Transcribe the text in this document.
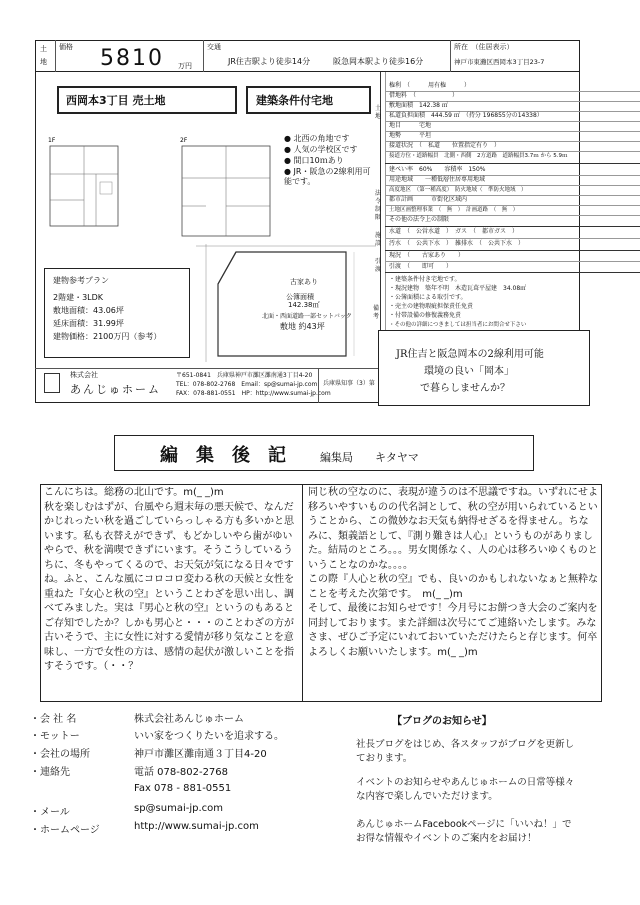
土
地
価格 5810 万円
交通
JR住吉駅より徒歩14分	阪急岡本駅より徒歩16分
所在　（住居表示）
神戸市東灘区西岡本3丁目23-7
西岡本3丁目 売土地	建築条件付宅地
1F	2F	● 北西の角地です
● 人気の学校区です
● 間口10ｍあり
● JR・阪急の2線利用可能です。
古家あり
公簿面積
142.38㎡
北面・西面道路一部セットバック
敷地 約43坪
建物参考プラン
2階建・3LDK
敷地面積：43.06坪
延床面積：31.99坪
建物価格：2100万円（参考）
株式会社
あんじゅホーム
〒651-0841　兵庫県神戸市灘区灘南通3丁目4-20
TEL：078-802-2768　Email：sp@sumai-jp.com
FAX：078-881-0551　HP：http://www.sumai-jp.com
兵庫県知事（3）第
土地
法令制限
施設
引渡
権利　（　　　用有権　　　）
借地料　（　　　　　　）
敷地面積　142.38 ㎡
私道負担面積　444.59 ㎡　（持分 196855分の14338）
地目　　　宅地
地勢　　　平坦
接道状況　（　私道　　位置指定有り　）
接道方位・道路幅員　北側・西側　2方道路　道路幅員3.7ｍ から 5.9ｍ
建ぺい率　60%　　容積率　150%
用途地域　　一種低層住居専用地域
高度地区　（第一種高度）　防火地域（　準防火地域　）
都市計画　　　市街化区域内
土地区画整理事業　（　無　）　計画道路　（　無　）
その他の法令上の制限
水道　（　公営水道　）　ガス　（　都市ガス　）
汚水　（　公共下水　）　雑排水　（　公共下水　）
現況　（　　古家あり　　）
引渡　（　　即可　　）
備考
・建築条件付き宅地です。
・現況建物　築年不明　木造瓦葺平屋建　34.08㎡
・公簿面積による取引です。
・売主の建物瑕疵担保責任免責
・付帯設備の修復義務免責
・その他の詳細につきましては担当者にお問合せ下さい
JR住吉と阪急岡本の2線利用可能
環境の良い「岡本」
で暮らしませんか？
編　集　後　記	編集局　　キタヤマ

こんにちは。総務の北山です。m(_ _)m
秋を楽しむはずが、台風やら週末毎の悪天候で、なんだかじれったい秋を過ごしていらっしゃる方も多いかと思います。私も衣替えができず、もどかしいやら歯がゆいやらで、秋を満喫できずにいます。そうこうしているうちに、冬もやってくるので、お天気が気になる日々ですね。ふと、こんな風にコロコロ変わる秋の天候と女性を重ねた『女心と秋の空』ということわざを思い出し、調べてみました。実は『男心と秋の空』というのもあるとご存知でしたか？しかも男心と・・・のことわざの方が古いそうで、主に女性に対する愛情が移り気なことを意味し、一方で女性の方は、感情の起伏が激しいことを指すそうです。（・・？

同じ秋の空なのに、表現が違うのは不思議ですね。いずれにせよ移ろいやすいものの代名詞として、秋の空が用いられているということから、この微妙なお天気も納得せざるを得ません。ちなみに、類義語として、『測り難きは人心』というものがありました。結局のところ。。。男女関係なく、人の心は移ろいゆくものということなのかな。。。。
この際『人心と秋の空』でも、良いのかもしれないなぁと無粋なことを考えた次第です。　m(_ _)m
そして、最後にお知らせです！今月号にお餅つき大会のご案内を同封しております。また詳細は次号にてご連絡いたします。みなさま、ぜひご予定にいれておいていただけたらと存じます。何卒よろしくお願いいたします。m(_ _)m

・会 社 名	株式会社あんじゅホーム
・モットー	いい家をつくりたいを追求する。
・会社の場所	神戸市灘区灘南通３丁目4-20
・連絡先	電話 078-802-2768
Fax 078 - 881-0551
・メール	sp@sumai-jp.com
・ホームページ	http://www.sumai-jp.com
【ブログのお知らせ】
社長ブログをはじめ、各スタッフがブログを更新しております。
イベントのお知らせやあんじゅホームの日常等様々な内容で楽しんでいただけます。
あんじゅホームFacebookページに「いいね！」でお得な情報やイベントのご案内をお届け！
